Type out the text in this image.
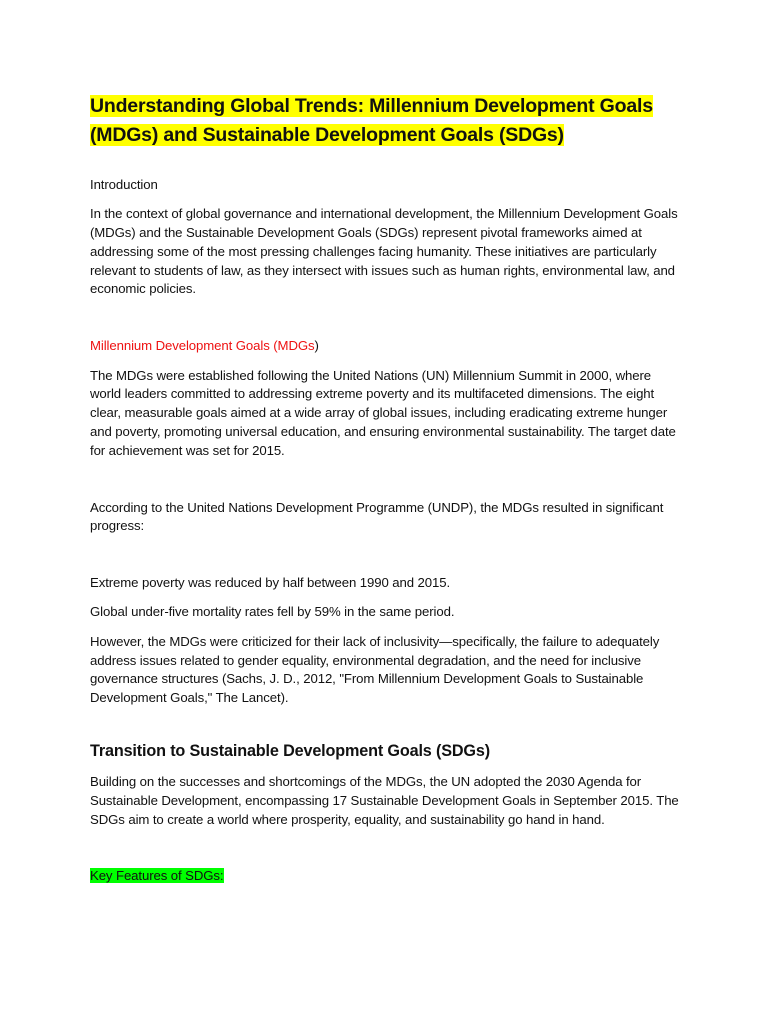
Understanding Global Trends: Millennium Development Goals (MDGs) and Sustainable Development Goals (SDGs)

Introduction

In the context of global governance and international development, the Millennium Development Goals (MDGs) and the Sustainable Development Goals (SDGs) represent pivotal frameworks aimed at addressing some of the most pressing challenges facing humanity. These initiatives are particularly relevant to students of law, as they intersect with issues such as human rights, environmental law, and economic policies.

Millennium Development Goals (MDGs)

The MDGs were established following the United Nations (UN) Millennium Summit in 2000, where world leaders committed to addressing extreme poverty and its multifaceted dimensions. The eight clear, measurable goals aimed at a wide array of global issues, including eradicating extreme hunger and poverty, promoting universal education, and ensuring environmental sustainability. The target date for achievement was set for 2015.

According to the United Nations Development Programme (UNDP), the MDGs resulted in significant progress:

Extreme poverty was reduced by half between 1990 and 2015.

Global under-five mortality rates fell by 59% in the same period.

However, the MDGs were criticized for their lack of inclusivity—specifically, the failure to adequately address issues related to gender equality, environmental degradation, and the need for inclusive governance structures (Sachs, J. D., 2012, "From Millennium Development Goals to Sustainable Development Goals," The Lancet).

Transition to Sustainable Development Goals (SDGs)

Building on the successes and shortcomings of the MDGs, the UN adopted the 2030 Agenda for Sustainable Development, encompassing 17 Sustainable Development Goals in September 2015. The SDGs aim to create a world where prosperity, equality, and sustainability go hand in hand.

Key Features of SDGs:
